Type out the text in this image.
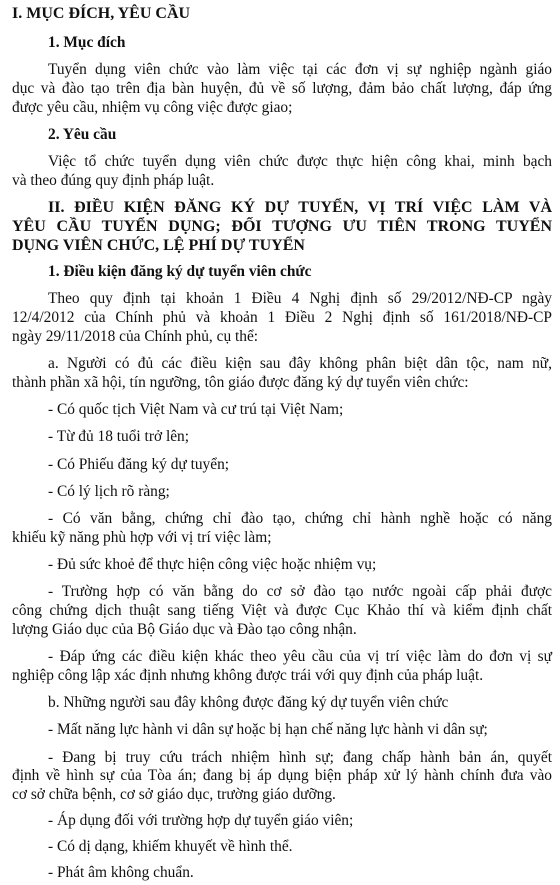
I. MỤC ĐÍCH, YÊU CẦU
1. Mục đích
Tuyển dụng viên chức vào làm việc tại các đơn vị sự nghiệp ngành giáo
dục và đào tạo trên địa bàn huyện, đủ về số lượng, đảm bảo chất lượng, đáp ứng
được yêu cầu, nhiệm vụ công việc được giao;
2. Yêu cầu
Việc tổ chức tuyển dụng viên chức được thực hiện công khai, minh bạch
và theo đúng quy định pháp luật.
II. ĐIỀU KIỆN ĐĂNG KÝ DỰ TUYỂN, VỊ TRÍ VIỆC LÀM VÀ
YÊU CẦU TUYỂN DỤNG; ĐỐI TƯỢNG ƯU TIÊN TRONG TUYỂN
DỤNG VIÊN CHỨC, LỆ PHÍ DỰ TUYỂN
1. Điều kiện đăng ký dự tuyển viên chức
Theo quy định tại khoản 1 Điều 4 Nghị định số 29/2012/NĐ-CP ngày
12/4/2012 của Chính phủ và khoản 1 Điều 2 Nghị định số 161/2018/NĐ-CP
ngày 29/11/2018 của Chính phủ, cụ thể:
a. Người có đủ các điều kiện sau đây không phân biệt dân tộc, nam nữ,
thành phần xã hội, tín ngưỡng, tôn giáo được đăng ký dự tuyển viên chức:
- Có quốc tịch Việt Nam và cư trú tại Việt Nam;
- Từ đủ 18 tuổi trở lên;
- Có Phiếu đăng ký dự tuyển;
- Có lý lịch rõ ràng;
- Có văn bằng, chứng chỉ đào tạo, chứng chỉ hành nghề hoặc có năng
khiếu kỹ năng phù hợp với vị trí việc làm;
- Đủ sức khoẻ để thực hiện công việc hoặc nhiệm vụ;
- Trường hợp có văn bằng do cơ sở đào tạo nước ngoài cấp phải được
công chứng dịch thuật sang tiếng Việt và được Cục Khảo thí và kiểm định chất
lượng Giáo dục của Bộ Giáo dục và Đào tạo công nhận.
- Đáp ứng các điều kiện khác theo yêu cầu của vị trí việc làm do đơn vị sự
nghiệp công lập xác định nhưng không được trái với quy định của pháp luật.
b. Những người sau đây không được đăng ký dự tuyển viên chức
- Mất năng lực hành vi dân sự hoặc bị hạn chế năng lực hành vi dân sự;
- Đang bị truy cứu trách nhiệm hình sự; đang chấp hành bản án, quyết
định về hình sự của Tòa án; đang bị áp dụng biện pháp xử lý hành chính đưa vào
cơ sở chữa bệnh, cơ sở giáo dục, trường giáo dưỡng.
- Áp dụng đối với trường hợp dự tuyển giáo viên;
- Có dị dạng, khiếm khuyết về hình thể.
- Phát âm không chuẩn.
